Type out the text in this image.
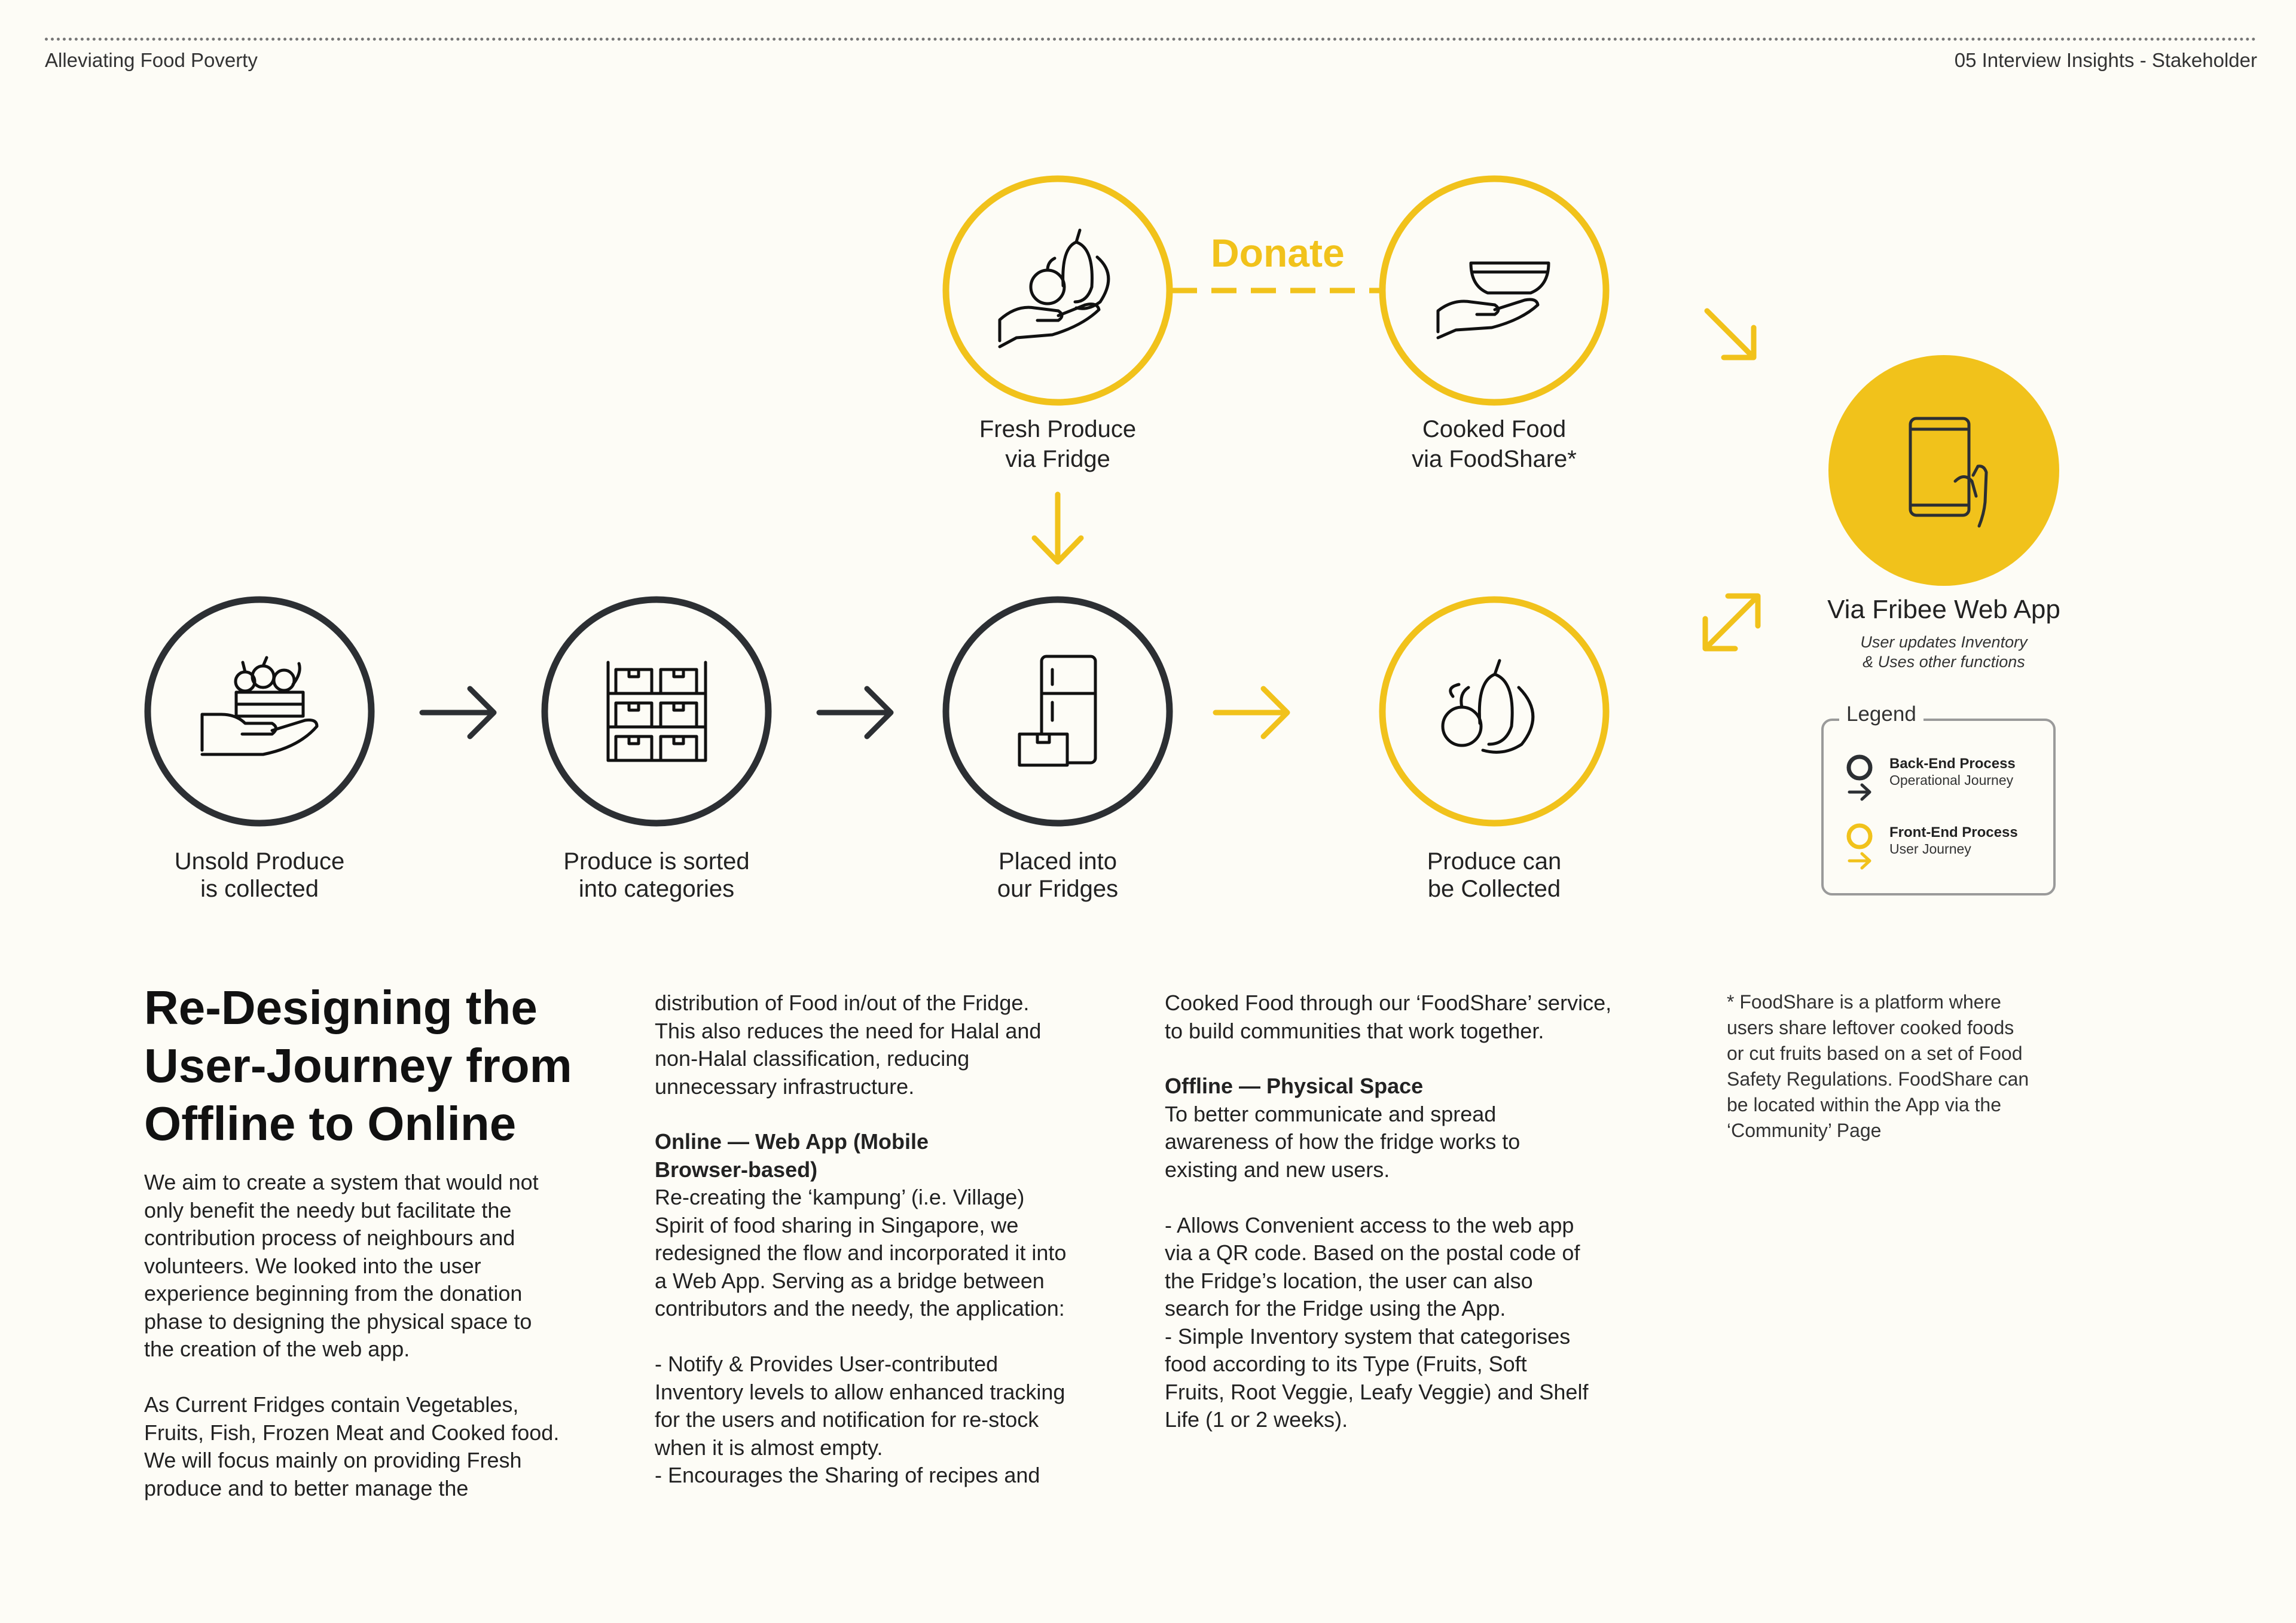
Alleviating Food Poverty	05 Interview Insights - Stakeholder
Donate
Fresh Produce
via Fridge
Cooked Food
via FoodShare*
Unsold Produce
is collected
Produce is sorted
into categories
Placed into
our Fridges
Produce can
be Collected
Via Fribee Web App
User updates Inventory
& Uses other functions
Legend
Back-End Process
Operational Journey
Front-End Process
User Journey
Re-Designing the User-Journey from Offline to Online
We aim to create a system that would not
only benefit the needy but facilitate the
contribution process of neighbours and
volunteers. We looked into the user
experience beginning from the donation
phase to designing the physical space to
the creation of the web app.

As Current Fridges contain Vegetables,
Fruits, Fish, Frozen Meat and Cooked food.
We will focus mainly on providing Fresh
produce and to better manage the
distribution of Food in/out of the Fridge.
This also reduces the need for Halal and
non-Halal classification, reducing
unnecessary infrastructure.
Online — Web App (Mobile
Browser-based)
Re-creating the ‘kampung’ (i.e. Village)
Spirit of food sharing in Singapore, we
redesigned the flow and incorporated it into
a Web App. Serving as a bridge between
contributors and the needy, the application:

- Notify & Provides User-contributed
Inventory levels to allow enhanced tracking
for the users and notification for re-stock
when it is almost empty.
- Encourages the Sharing of recipes and
Cooked Food through our ‘FoodShare’ service,
to build communities that work together.
Offline — Physical Space
To better communicate and spread
awareness of how the fridge works to
existing and new users.

- Allows Convenient access to the web app
via a QR code. Based on the postal code of
the Fridge’s location, the user can also
search for the Fridge using the App.
- Simple Inventory system that categorises
food according to its Type (Fruits, Soft
Fruits, Root Veggie, Leafy Veggie) and Shelf
Life (1 or 2 weeks).
* FoodShare is a platform where
users share leftover cooked foods
or cut fruits based on a set of Food
Safety Regulations. FoodShare can
be located within the App via the
‘Community’ Page
